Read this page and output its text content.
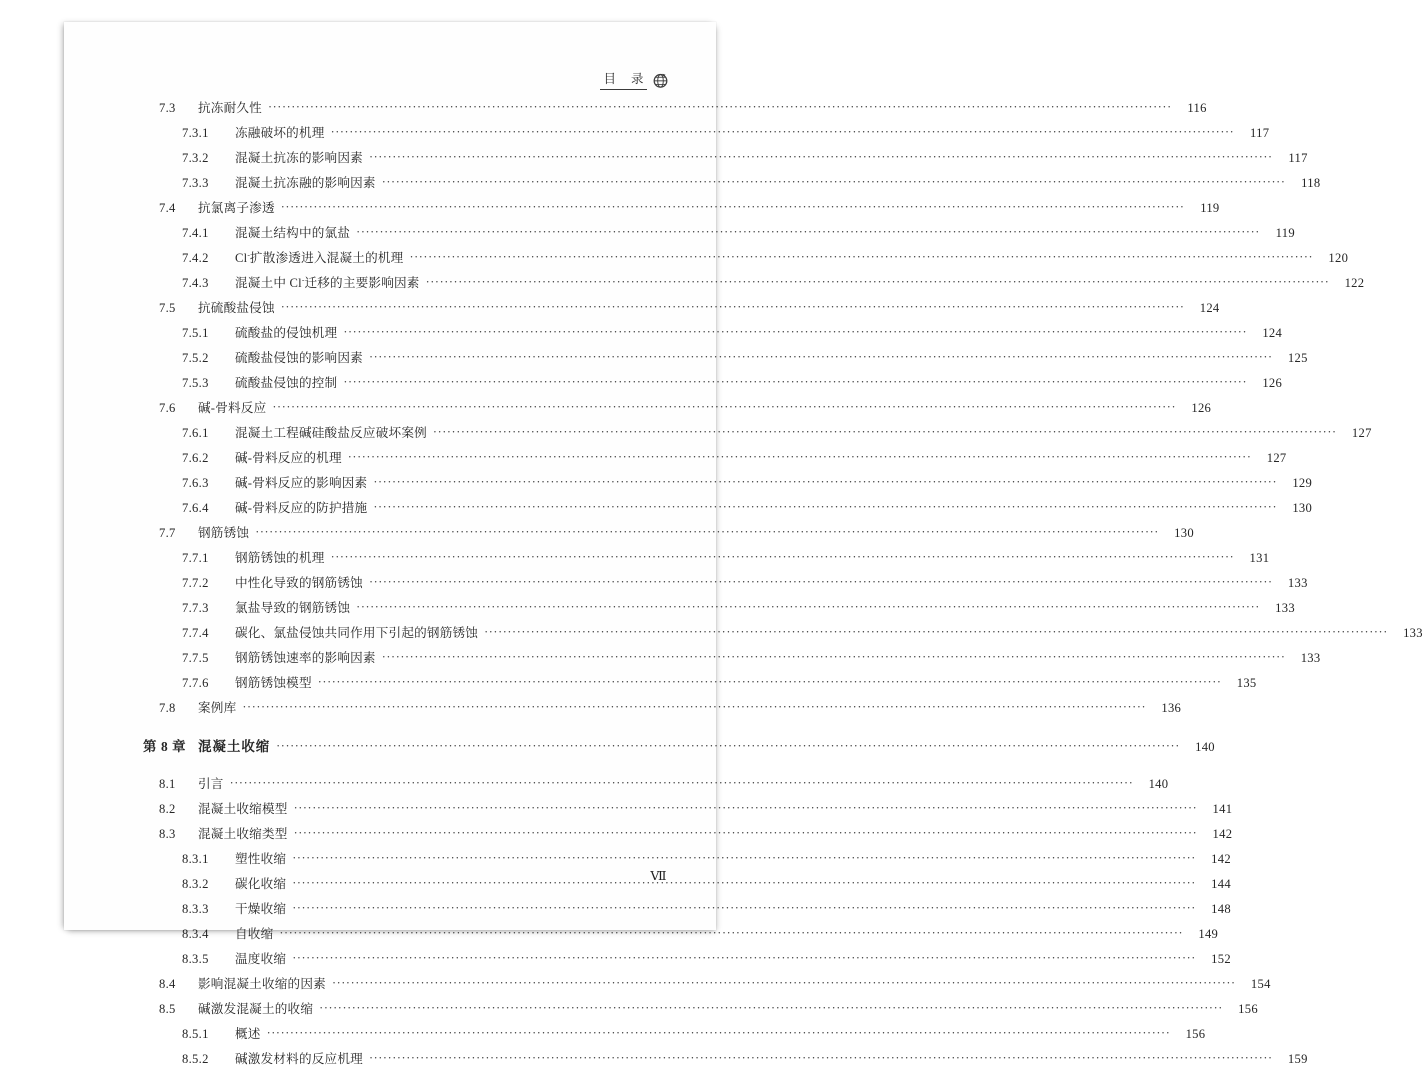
目    录
7.3	抗冻耐久性 ·····	116
7.3.1	冻融破坏的机理 ·····	117
7.3.2	混凝土抗冻的影响因素 ·····	117
7.3.3	混凝土抗冻融的影响因素 ·····	118
7.4	抗氯离子渗透 ·····	119
7.4.1	混凝土结构中的氯盐 ·····	119
7.4.2	Cl-扩散渗透进入混凝土的机理 ·····	120
7.4.3	混凝土中 Cl-迁移的主要影响因素 ·····	122
7.5	抗硫酸盐侵蚀 ·····	124
7.5.1	硫酸盐的侵蚀机理 ·····	124
7.5.2	硫酸盐侵蚀的影响因素 ·····	125
7.5.3	硫酸盐侵蚀的控制 ·····	126
7.6	碱-骨料反应 ·····	126
7.6.1	混凝土工程碱硅酸盐反应破坏案例 ·····	127
7.6.2	碱-骨料反应的机理 ·····	127
7.6.3	碱-骨料反应的影响因素 ·····	129
7.6.4	碱-骨料反应的防护措施 ·····	130
7.7	钢筋锈蚀 ·····	130
7.7.1	钢筋锈蚀的机理 ·····	131
7.7.2	中性化导致的钢筋锈蚀 ·····	133
7.7.3	氯盐导致的钢筋锈蚀 ·····	133
7.7.4	碳化、氯盐侵蚀共同作用下引起的钢筋锈蚀 ·····	133
7.7.5	钢筋锈蚀速率的影响因素 ·····	133
7.7.6	钢筋锈蚀模型 ·····	135
7.8	案例库 ·····	136
第 8 章 混凝土收缩 ·····	140
8.1	引言 ·····	140
8.2	混凝土收缩模型 ·····	141
8.3	混凝土收缩类型 ·····	142
8.3.1	塑性收缩 ·····	142
8.3.2	碳化收缩 ·····	144
8.3.3	干燥收缩 ·····	148
8.3.4	自收缩 ·····	149
8.3.5	温度收缩 ·····	152
8.4	影响混凝土收缩的因素 ·····	154
8.5	碱激发混凝土的收缩 ·····	156
8.5.1	概述 ·····	156
8.5.2	碱激发材料的反应机理 ·····	159
Ⅶ
